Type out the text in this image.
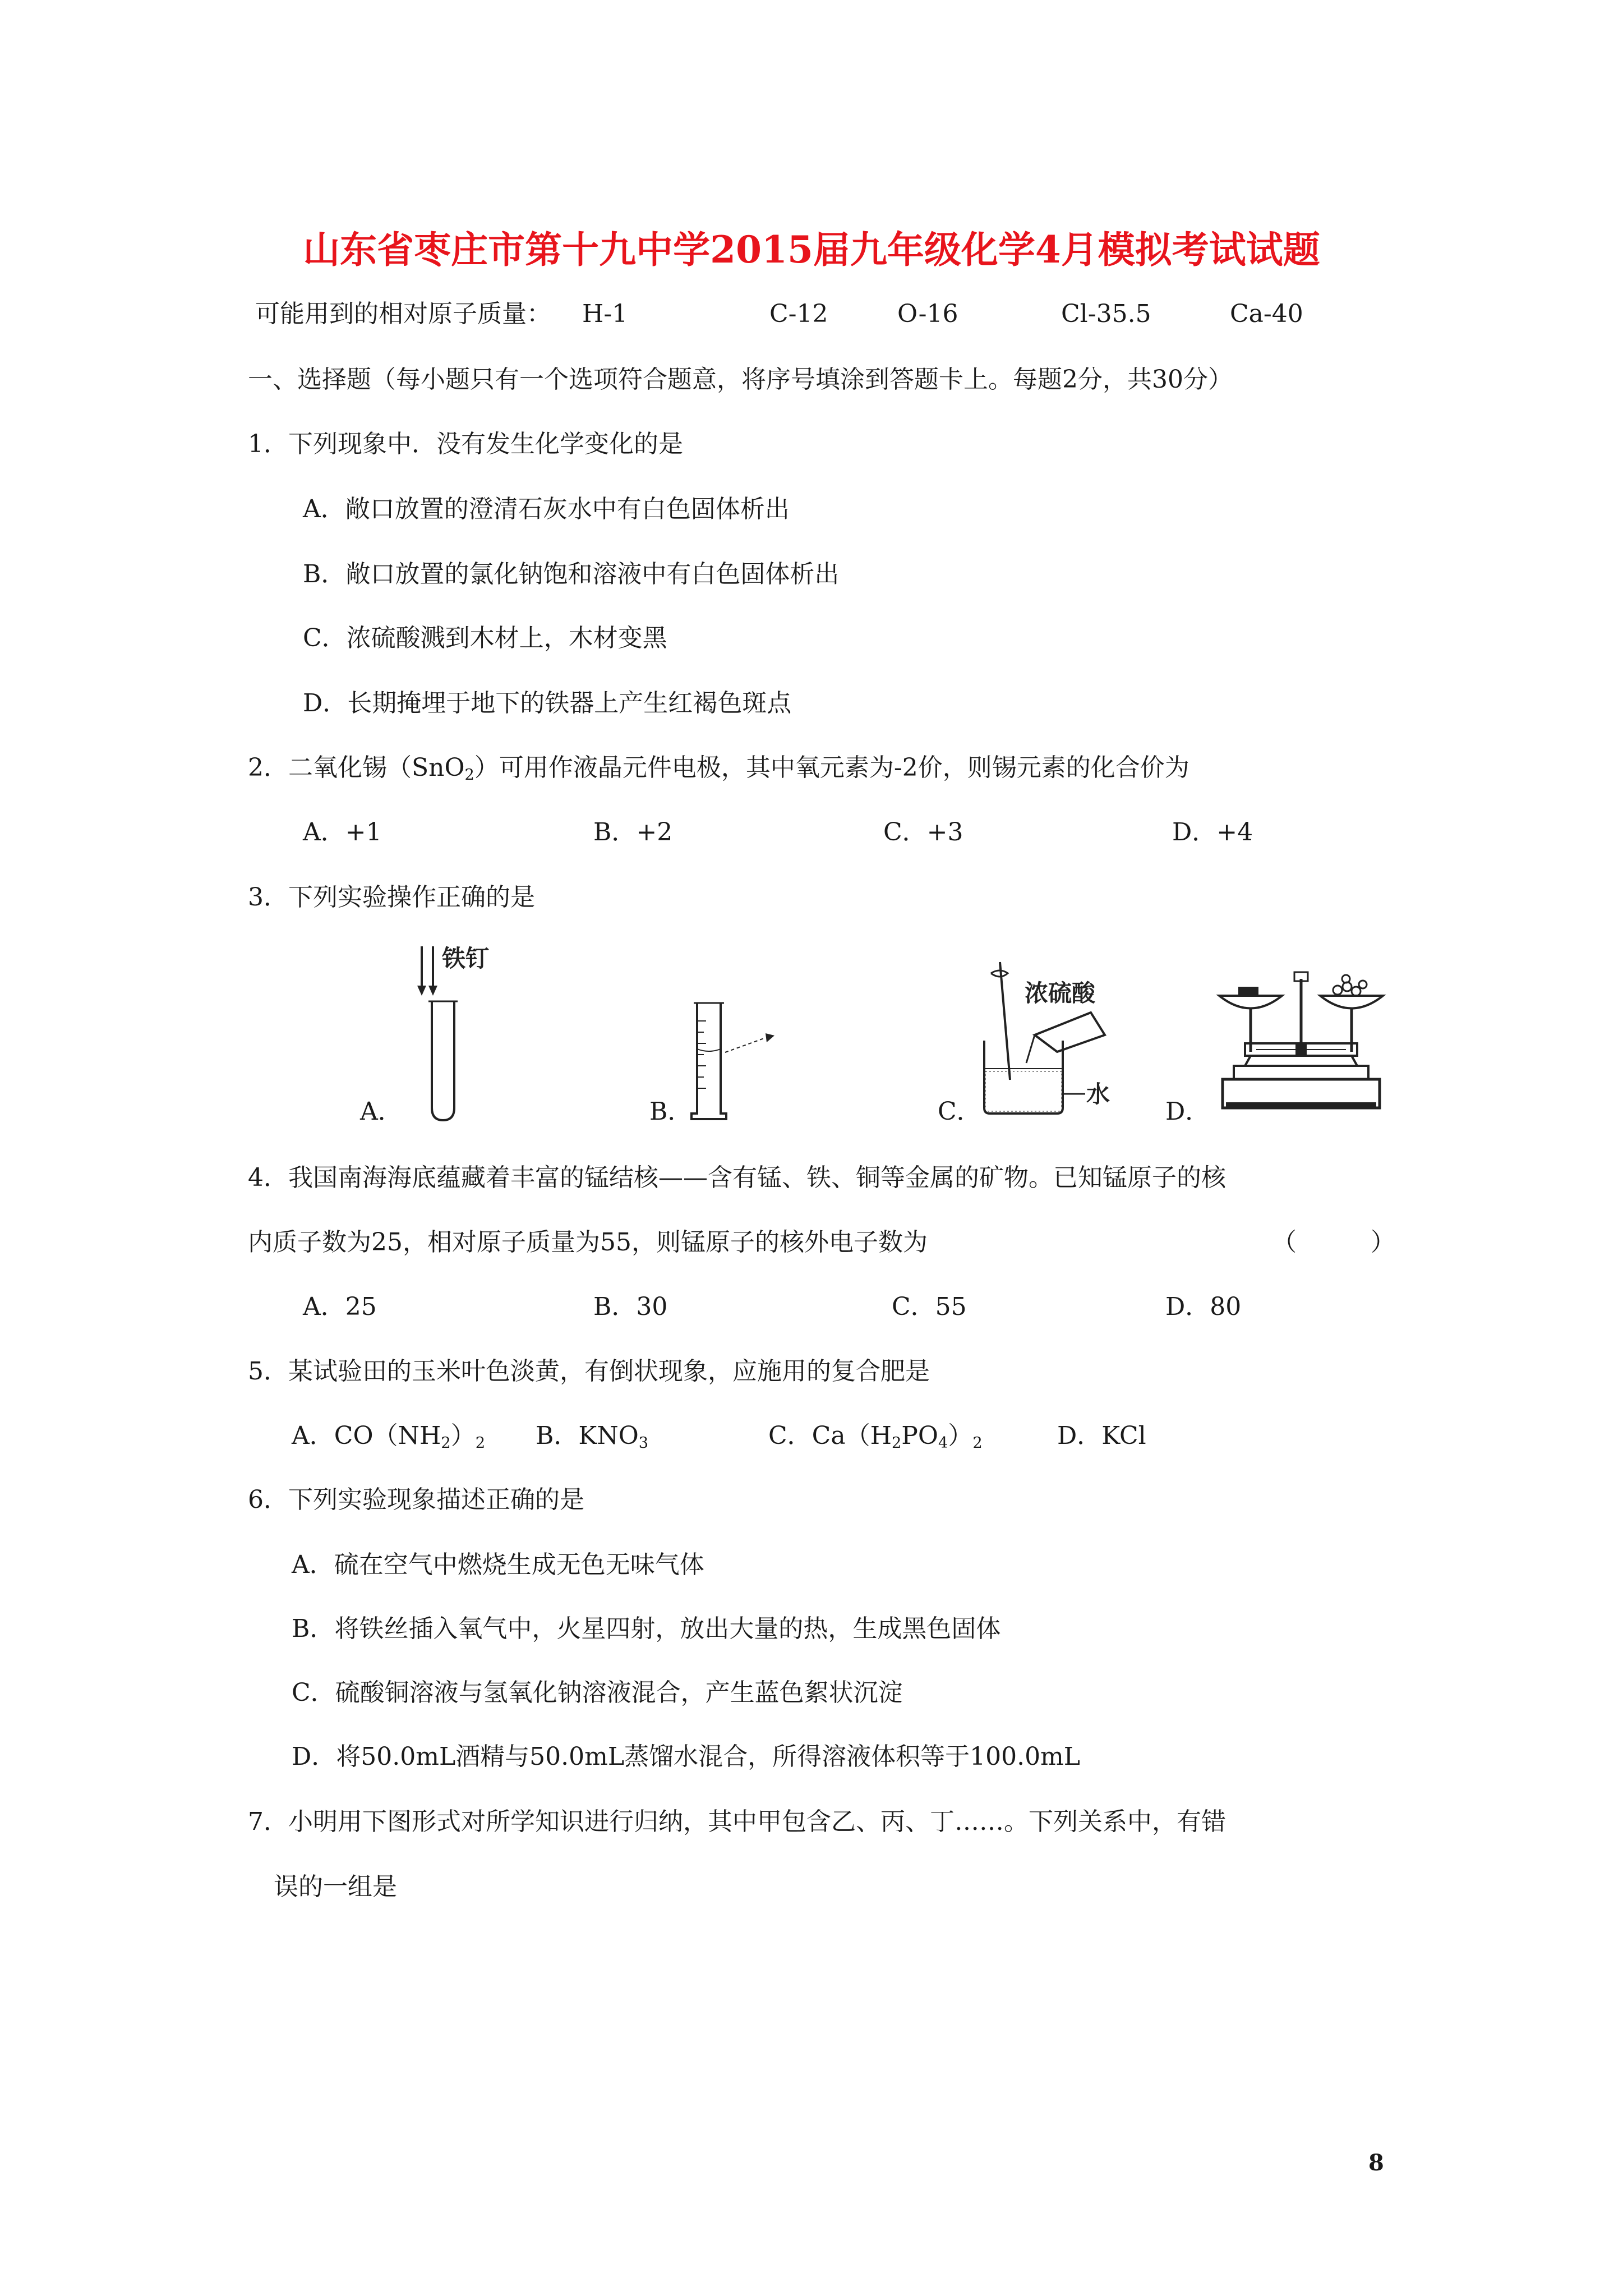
山东省枣庄市第十九中学2015届九年级化学4月模拟考试试题
可能用到的相对原子质量： H-1	C-12	O-16	Cl-35.5	Ca-40
一、选择题（每小题只有一个选项符合题意，将序号填涂到答题卡上。每题2分，共30分）
1．下列现象中．没有发生化学变化的是
A．敞口放置的澄清石灰水中有白色固体析出
B．敞口放置的氯化钠饱和溶液中有白色固体析出
C．浓硫酸溅到木材上，木材变黑
D．长期掩埋于地下的铁器上产生红褐色斑点
2．二氧化锡（SnO$_2$）可用作液晶元件电极，其中氧元素为-2价，则锡元素的化合价为
A．+1	B．+2	C．+3	D．+4
3．下列实验操作正确的是
铁钉
A．	B．
浓硫酸
水
C．	D．
4．我国南海海底蕴藏着丰富的锰结核——含有锰、铁、铜等金属的矿物。已知锰原子的核
内质子数为25，相对原子质量为55，则锰原子的核外电子数为	（　　　）
A．25	B．30	C．55	D．80
5．某试验田的玉米叶色淡黄，有倒状现象，应施用的复合肥是
A．$CO(NH_2)_2$ B．$KNO_3$	C．$Ca(H_2PO_4)_2$	D．KCl
6．下列实验现象描述正确的是
A．硫在空气中燃烧生成无色无味气体
B．将铁丝插入氧气中，火星四射，放出大量的热，生成黑色固体
C．硫酸铜溶液与氢氧化钠溶液混合，产生蓝色絮状沉淀
D．将50.0mL酒精与50.0mL蒸馏水混合，所得溶液体积等于100.0mL
7．小明用下图形式对所学知识进行归纳，其中甲包含乙、丙、丁……。下列关系中，有错
误的一组是
8
